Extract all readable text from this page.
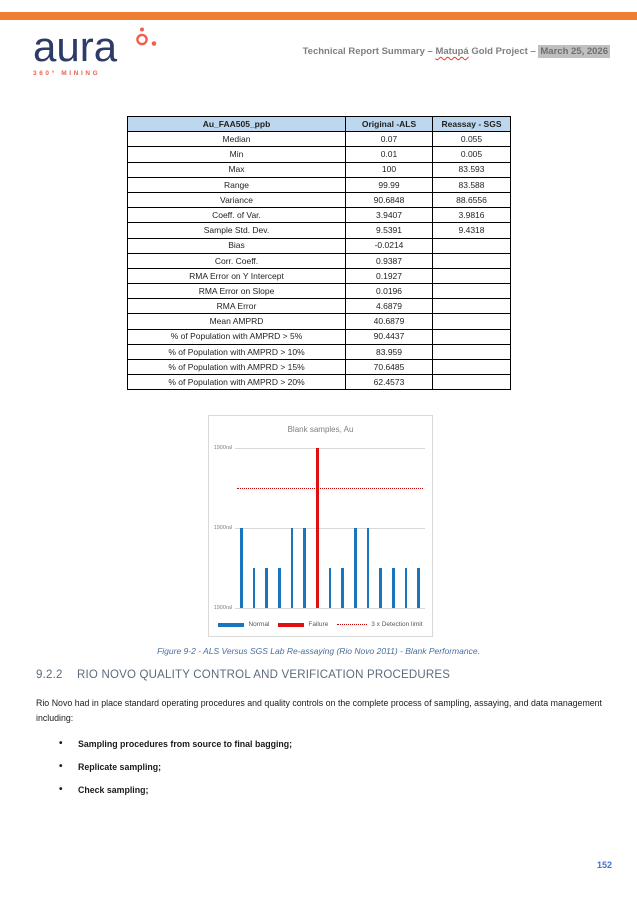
aura
360° MINING
Technical Report Summary – Matupá Gold Project – March 25, 2026
Au_FAA505_ppb	Original -ALS	Reassay - SGS
Median	0.07	0.055
Min	0.01	0.005
Max	100	83.593
Range	99.99	83.588
Variance	90.6848	88.6556
Coeff. of Var.	3.9407	3.9816
Sample Std. Dev.	9.5391	9.4318
Bias	-0.0214	
Corr. Coeff.	0.9387	
RMA Error on Y Intercept	0.1927	
RMA Error on Slope	0.0196	
RMA Error	4.6879	
Mean AMPRD	40.6879	
% of Population with AMPRD > 5%	90.4437	
% of Population with AMPRD > 10%	83.959	
% of Population with AMPRD > 15%	70.6485	
% of Population with AMPRD > 20%	62.4573	
Blank samples, Au
1900ral
1900ral
1900ral
Normal	Failure	3 x Detection limit
Figure 9-2 - ALS Versus SGS Lab Re-assaying (Rio Novo 2011) - Blank Performance.
9.2.2 RIO NOVO QUALITY CONTROL AND VERIFICATION PROCEDURES

Rio Novo had in place standard operating procedures and quality controls on the complete process of sampling, assaying, and data management including:

• Sampling procedures from source to final bagging;
• Replicate sampling;
• Check sampling;
152
